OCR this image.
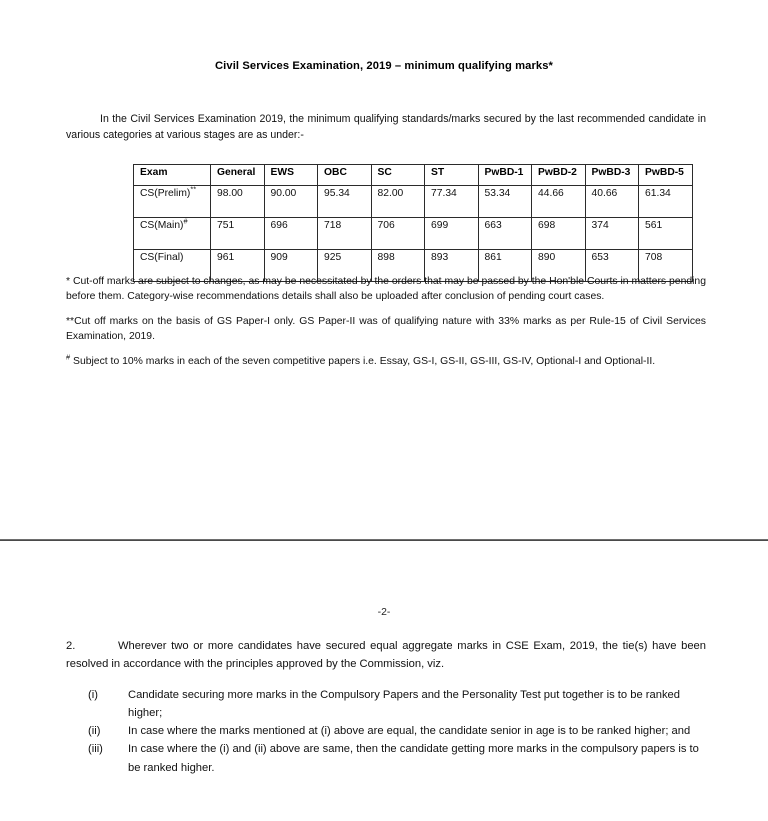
Civil Services Examination, 2019 – minimum qualifying marks*
In the Civil Services Examination 2019, the minimum qualifying standards/marks secured by the last recommended candidate in various categories at various stages are as under:-
Exam	General	EWS	OBC	SC	ST	PwBD-1	PwBD-2	PwBD-3	PwBD-5
CS(Prelim)**	98.00	90.00	95.34	82.00	77.34	53.34	44.66	40.66	61.34
CS(Main)#	751	696	718	706	699	663	698	374	561
CS(Final)	961	909	925	898	893	861	890	653	708
* Cut-off marks are subject to changes, as may be necessitated by the orders that may be passed by the Hon'ble Courts in matters pending before them. Category-wise recommendations details shall also be uploaded after conclusion of pending court cases.
**Cut off marks on the basis of GS Paper-I only. GS Paper-II was of qualifying nature with 33% marks as per Rule-15 of Civil Services Examination, 2019.
# Subject to 10% marks in each of the seven competitive papers i.e. Essay, GS-I, GS-II, GS-III, GS-IV, Optional-I and Optional-II.
-2-
2.	Wherever two or more candidates have secured equal aggregate marks in CSE Exam, 2019, the tie(s) have been resolved in accordance with the principles approved by the Commission, viz.
(i)	Candidate securing more marks in the Compulsory Papers and the Personality Test put together is to be ranked higher;
(ii)	In case where the marks mentioned at (i) above are equal, the candidate senior in age is to be ranked higher; and
(iii)	In case where the (i) and (ii) above are same, then the candidate getting more marks in the compulsory papers is to be ranked higher.
